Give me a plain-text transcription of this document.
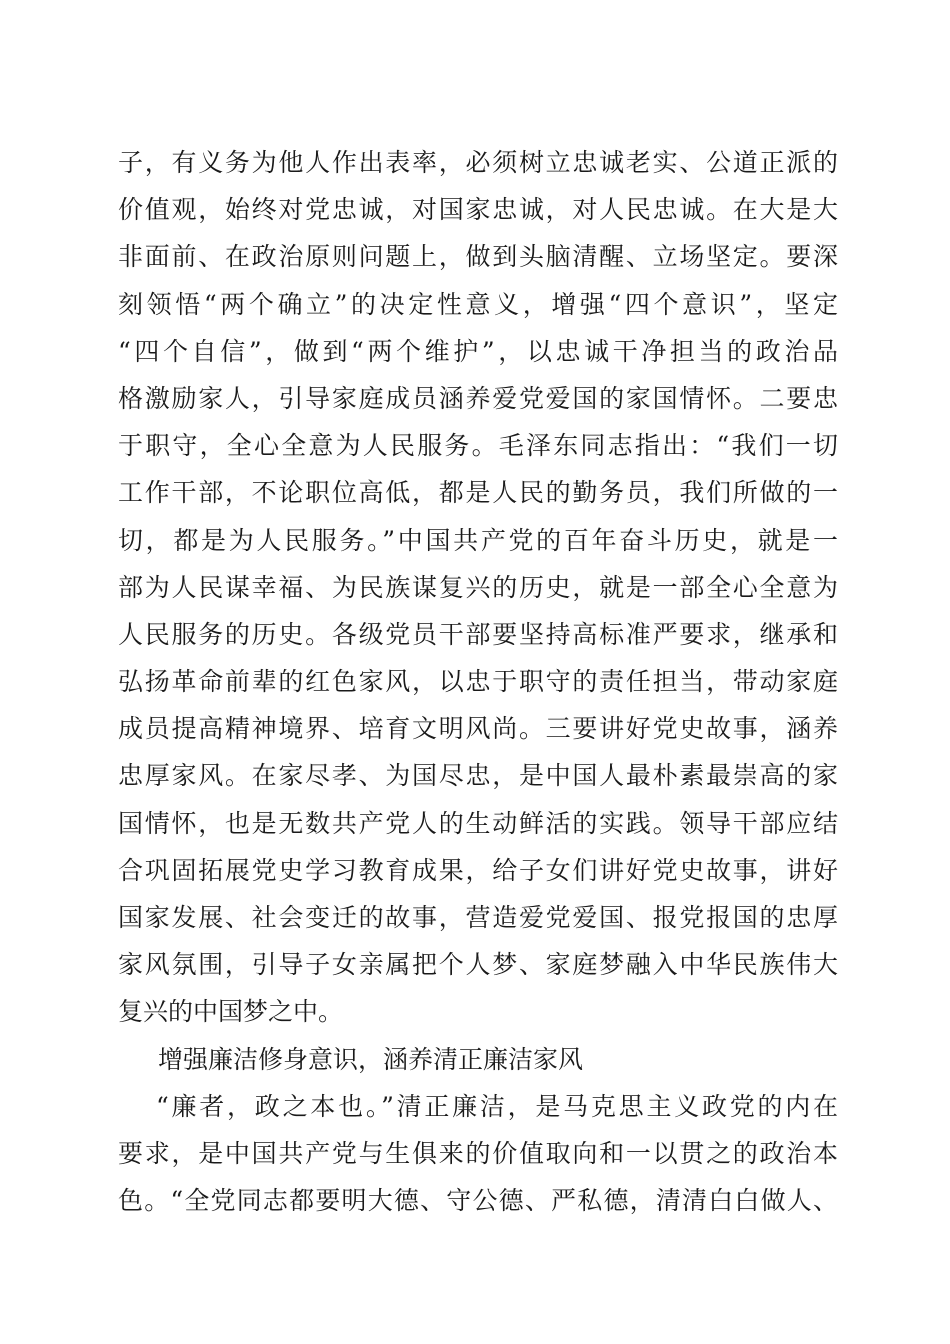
子，有义务为他人作出表率，必须树立忠诚老实、公道正派的
价值观，始终对党忠诚，对国家忠诚，对人民忠诚。在大是大
非面前、在政治原则问题上，做到头脑清醒、立场坚定。要深
刻领悟“两个确立”的决定性意义，增强“四个意识”，坚定
“四个自信”，做到“两个维护”，以忠诚干净担当的政治品
格激励家人，引导家庭成员涵养爱党爱国的家国情怀。二要忠
于职守，全心全意为人民服务。毛泽东同志指出：“我们一切
工作干部，不论职位高低，都是人民的勤务员，我们所做的一
切，都是为人民服务。”中国共产党的百年奋斗历史，就是一
部为人民谋幸福、为民族谋复兴的历史，就是一部全心全意为
人民服务的历史。各级党员干部要坚持高标准严要求，继承和
弘扬革命前辈的红色家风，以忠于职守的责任担当，带动家庭
成员提高精神境界、培育文明风尚。三要讲好党史故事，涵养
忠厚家风。在家尽孝、为国尽忠，是中国人最朴素最崇高的家
国情怀，也是无数共产党人的生动鲜活的实践。领导干部应结
合巩固拓展党史学习教育成果，给子女们讲好党史故事，讲好
国家发展、社会变迁的故事，营造爱党爱国、报党报国的忠厚
家风氛围，引导子女亲属把个人梦、家庭梦融入中华民族伟大
复兴的中国梦之中。
增强廉洁修身意识，涵养清正廉洁家风
“廉者，政之本也。”清正廉洁，是马克思主义政党的内在
要求，是中国共产党与生俱来的价值取向和一以贯之的政治本
色。“全党同志都要明大德、守公德、严私德，清清白白做人、
